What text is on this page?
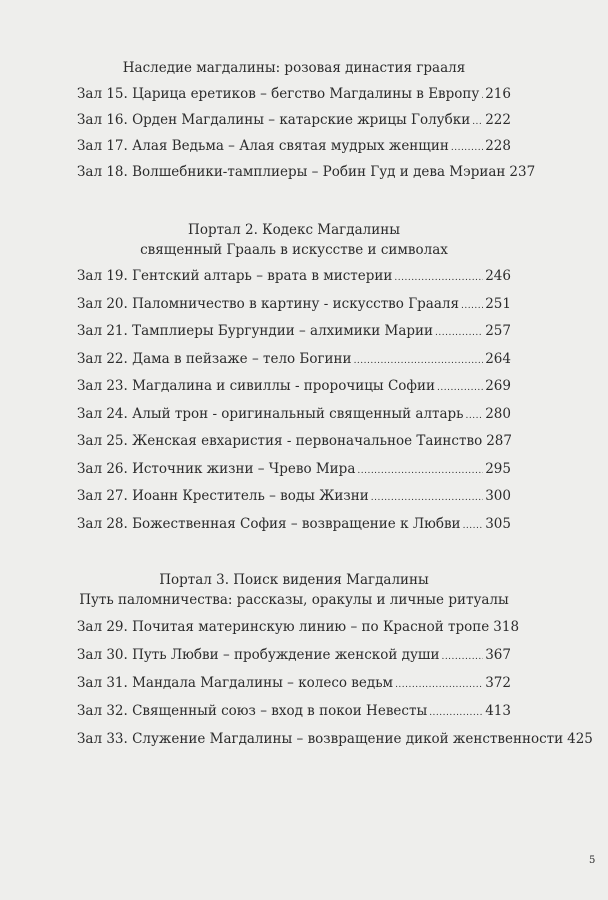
Наследие магдалины: розовая династия грааля
Зал 15. Царица еретиков – бегство Магдалины в Европу ..... 216
Зал 16. Орден Магдалины – катарские жрицы Голубки ..... 222
Зал 17. Алая Ведьма – Алая святая мудрых женщин .....	228
Зал 18. Волшебники-тамплиеры – Робин Гуд и дева Мэриан 237
Портал 2. Кодекс Магдалины
священный Грааль в искусстве и символах
Зал 19. Гентский алтарь – врата в мистерии .....	246
Зал 20. Паломничество в картину - искусство Грааля ..... 251
Зал 21. Тамплиеры Бургундии – алхимики Марии .....	257
Зал 22. Дама в пейзаже – тело Богини .....	264
Зал 23. Магдалина и сивиллы - пророчицы Софии .....	269
Зал 24. Алый трон - оригинальный священный алтарь ..... 280
Зал 25. Женская евхаристия - первоначальное Таинство 287
Зал 26. Источник жизни – Чрево Мира .....	295
Зал 27. Иоанн Креститель – воды Жизни .....	300
Зал 28. Божественная София – возвращение к Любви ..... 305
Портал 3. Поиск видения Магдалины
Путь паломничества: рассказы, оракулы и личные ритуалы
Зал 29. Почитая материнскую линию – по Красной тропе 318
Зал 30. Путь Любви – пробуждение женской души .....	367
Зал 31. Мандала Магдалины – колесо ведьм .....	372
Зал 32. Священный союз – вход в покои Невесты .....	413
Зал 33. Служение Магдалины – возвращение дикой женственности 425
5
